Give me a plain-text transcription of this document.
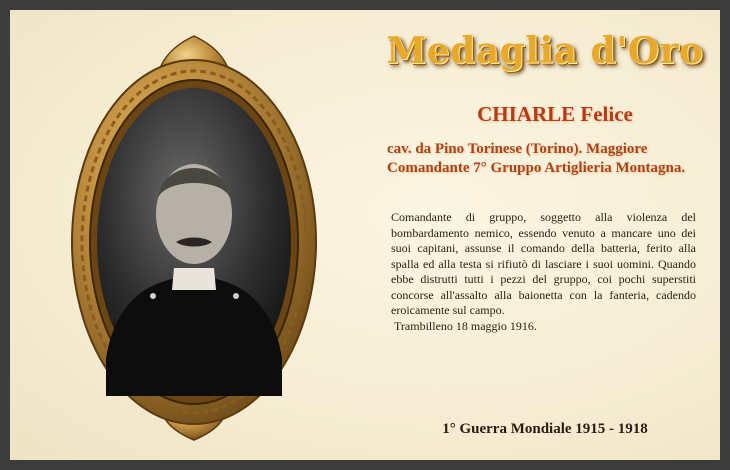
Medaglia d'Oro
CHIARLE Felice
cav. da Pino Torinese (Torino). Maggiore
Comandante 7° Gruppo Artiglieria Montagna.
Comandante di gruppo, soggetto alla violenza del bombardamento nemico, essendo venuto a mancare uno dei suoi capitani, assunse il comando della batteria, ferito alla spalla ed alla testa si rifiutò di lasciare i suoi uomini. Quando ebbe distrutti tutti i pezzi del gruppo, coi pochi superstiti concorse all'assalto alla baionetta con la fanteria, cadendo eroicamente sul campo.
Trambilleno 18 maggio 1916.
1° Guerra Mondiale 1915 - 1918
